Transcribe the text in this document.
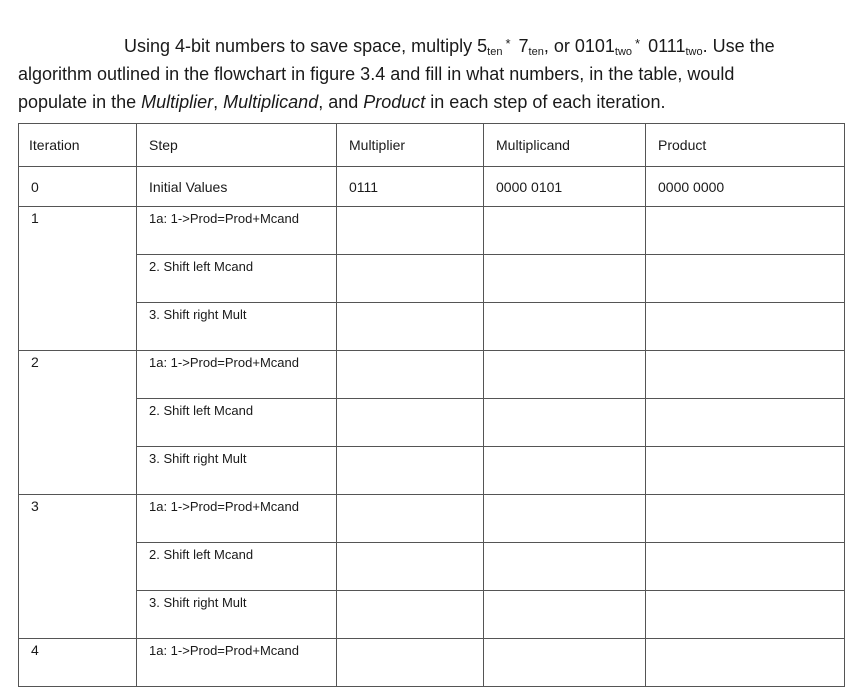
Using 4-bit numbers to save space, multiply $5_{ten}^*$ $7_{ten}$, or $0101_{two}^*$ $0111_{two}$. Use the
algorithm outlined in the flowchart in figure 3.4 and fill in what numbers, in the table, would
populate in the Multiplier, Multiplicand, and Product in each step of each iteration.
Iteration	Step	Multiplier	Multiplicand	Product
0	Initial Values	0111	0000 0101	0000 0000
1	1a: 1->Prod=Prod+Mcand			
	2. Shift left Mcand			
	3. Shift right Mult			
2	1a: 1->Prod=Prod+Mcand			
	2. Shift left Mcand			
	3. Shift right Mult			
3	1a: 1->Prod=Prod+Mcand			
	2. Shift left Mcand			
	3. Shift right Mult			
4	1a: 1->Prod=Prod+Mcand			
